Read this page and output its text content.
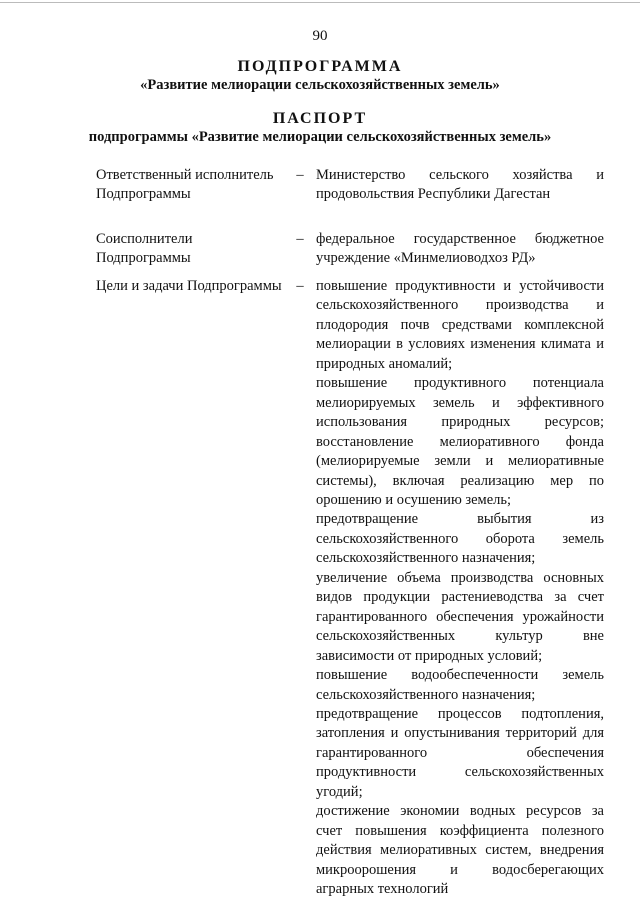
90
ПОДПРОГРАММА
«Развитие мелиорации сельскохозяйственных земель»
ПАСПОРТ
подпрограммы «Развитие мелиорации сельскохозяйственных земель»
Ответственный исполнитель Подпрограммы
– Министерство сельского хозяйства и продовольствия Республики Дагестан

Соисполнители Подпрограммы
– федеральное государственное бюджетное учреждение «Минмелиоводхоз РД»

Цели и задачи Подпрограммы	– повышение продуктивности и устойчивости сельскохозяйственного производства и плодородия почв средствами комплексной мелиорации в условиях изменения климата и природных аномалий;

повышение продуктивного потенциала мелиорируемых земель и эффективного использования природных ресурсов; восстановление мелиоративного фонда (мелиорируемые земли и мелиоративные системы), включая реализацию мер по орошению и осушению земель;

предотвращение выбытия из сельскохозяйственного оборота земель сельскохозяйственного назначения;

увеличение объема производства основных видов продукции растениеводства за счет гарантированного обеспечения урожайности сельскохозяйственных культур вне зависимости от природных условий;

повышение водообеспеченности земель сельскохозяйственного назначения;

предотвращение процессов подтопления, затопления и опустынивания территорий для гарантированного обеспечения продуктивности сельскохозяйственных угодий;

достижение экономии водных ресурсов за счет повышения коэффициента полезного действия мелиоративных систем, внедрения микроорошения и водосберегающих аграрных технологий
